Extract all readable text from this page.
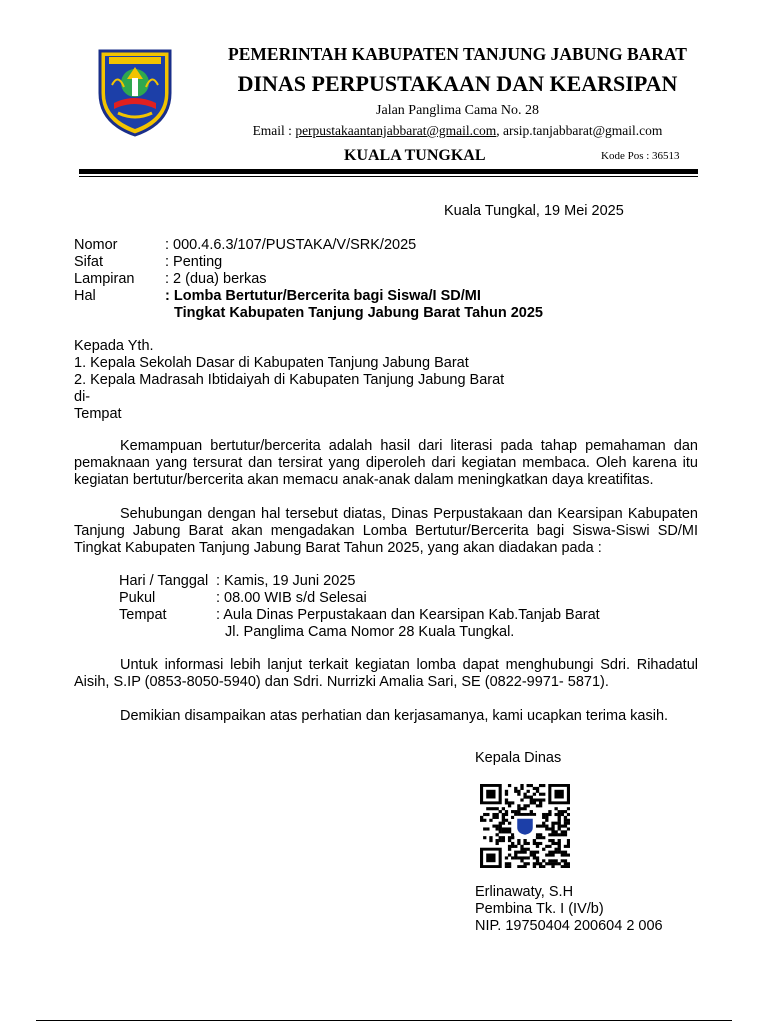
PEMERINTAH KABUPATEN TANJUNG JABUNG BARAT
DINAS PERPUSTAKAAN DAN KEARSIPAN
Jalan Panglima Cama No. 28
Email : perpustakaantanjabbarat@gmail.com, arsip.tanjabbarat@gmail.com
KUALA TUNGKAL	Kode Pos : 36513
Kuala Tungkal, 19 Mei 2025
Nomor	: 000.4.6.3/107/PUSTAKA/V/SRK/2025
Sifat	: Penting
Lampiran	: 2 (dua) berkas
Hal	: Lomba Bertutur/Bercerita bagi Siswa/I SD/MI
Tingkat Kabupaten Tanjung Jabung Barat Tahun 2025
Kepada Yth.
1. Kepala Sekolah Dasar di Kabupaten Tanjung Jabung Barat
2. Kepala Madrasah Ibtidaiyah di Kabupaten Tanjung Jabung Barat
di-
Tempat
Kemampuan bertutur/bercerita adalah hasil dari literasi pada tahap pemahaman dan pemaknaan yang tersurat dan tersirat yang diperoleh dari kegiatan membaca. Oleh karena itu kegiatan bertutur/bercerita akan memacu anak-anak dalam meningkatkan daya kreatifitas.
Sehubungan dengan hal tersebut diatas, Dinas Perpustakaan dan Kearsipan Kabupaten Tanjung Jabung Barat akan mengadakan Lomba Bertutur/Bercerita bagi Siswa-Siswi SD/MI Tingkat Kabupaten Tanjung Jabung Barat Tahun 2025, yang akan diadakan pada :
Hari / Tanggal : Kamis, 19 Juni 2025
Pukul	: 08.00 WIB s/d Selesai
Tempat	: Aula Dinas Perpustakaan dan Kearsipan Kab.Tanjab Barat
Jl. Panglima Cama Nomor 28 Kuala Tungkal.
Untuk informasi lebih lanjut terkait kegiatan lomba dapat menghubungi Sdri. Rihadatul Aisih, S.IP (0853-8050-5940) dan Sdri. Nurrizki Amalia Sari, SE (0822-9971- 5871).
Demikian disampaikan atas perhatian dan kerjasamanya, kami ucapkan terima kasih.
Kepala Dinas
Erlinawaty, S.H
Pembina Tk. I (IV/b)
NIP. 19750404 200604 2 006
